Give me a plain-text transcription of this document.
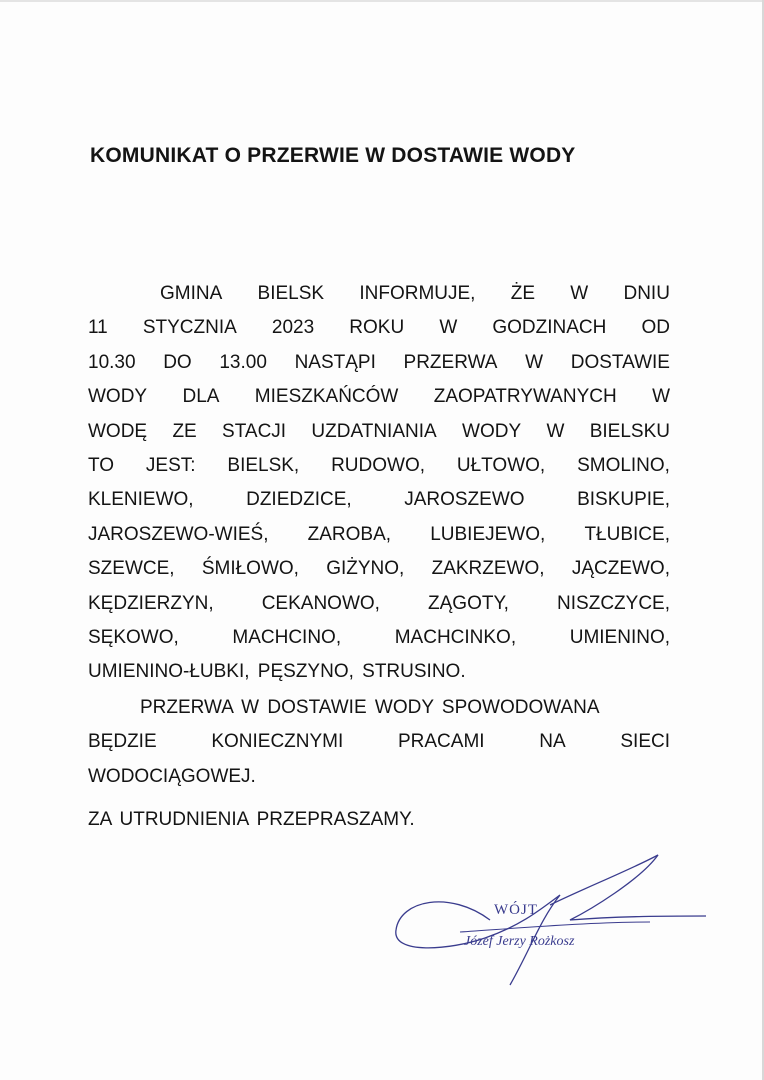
KOMUNIKAT O PRZERWIE W DOSTAWIE WODY
GMINA BIELSK INFORMUJE, ŻE W DNIU
11 STYCZNIA 2023 ROKU W GODZINACH OD
10.30 DO 13.00 NASTĄPI PRZERWA W DOSTAWIE
WODY DLA MIESZKAŃCÓW ZAOPATRYWANYCH W
WODĘ ZE STACJI UZDATNIANIA WODY W BIELSKU
TO JEST: BIELSK, RUDOWO, UŁTOWO, SMOLINO,
KLENIEWO,	DZIEDZICE,	JAROSZEWO	BISKUPIE,
JAROSZEWO-WIEŚ, ZAROBA, LUBIEJEWO, TŁUBICE,
SZEWCE, ŚMIŁOWO, GIŻYNO, ZAKRZEWO, JĄCZEWO,
KĘDZIERZYN,	CEKANOWO,	ZĄGOTY,	NISZCZYCE,
SĘKOWO,	MACHCINO,	MACHCINKO,	UMIENINO,
UMIENINO-ŁUBKI, PĘSZYNO, STRUSINO.
PRZERWA W DOSTAWIE WODY SPOWODOWANA
BĘDZIE	KONIECZNYMI	PRACAMI	NA	SIECI
WODOCIĄGOWEJ.
ZA UTRUDNIENIA PRZEPRASZAMY.
WÓJT
Józef Jerzy Rożkosz
